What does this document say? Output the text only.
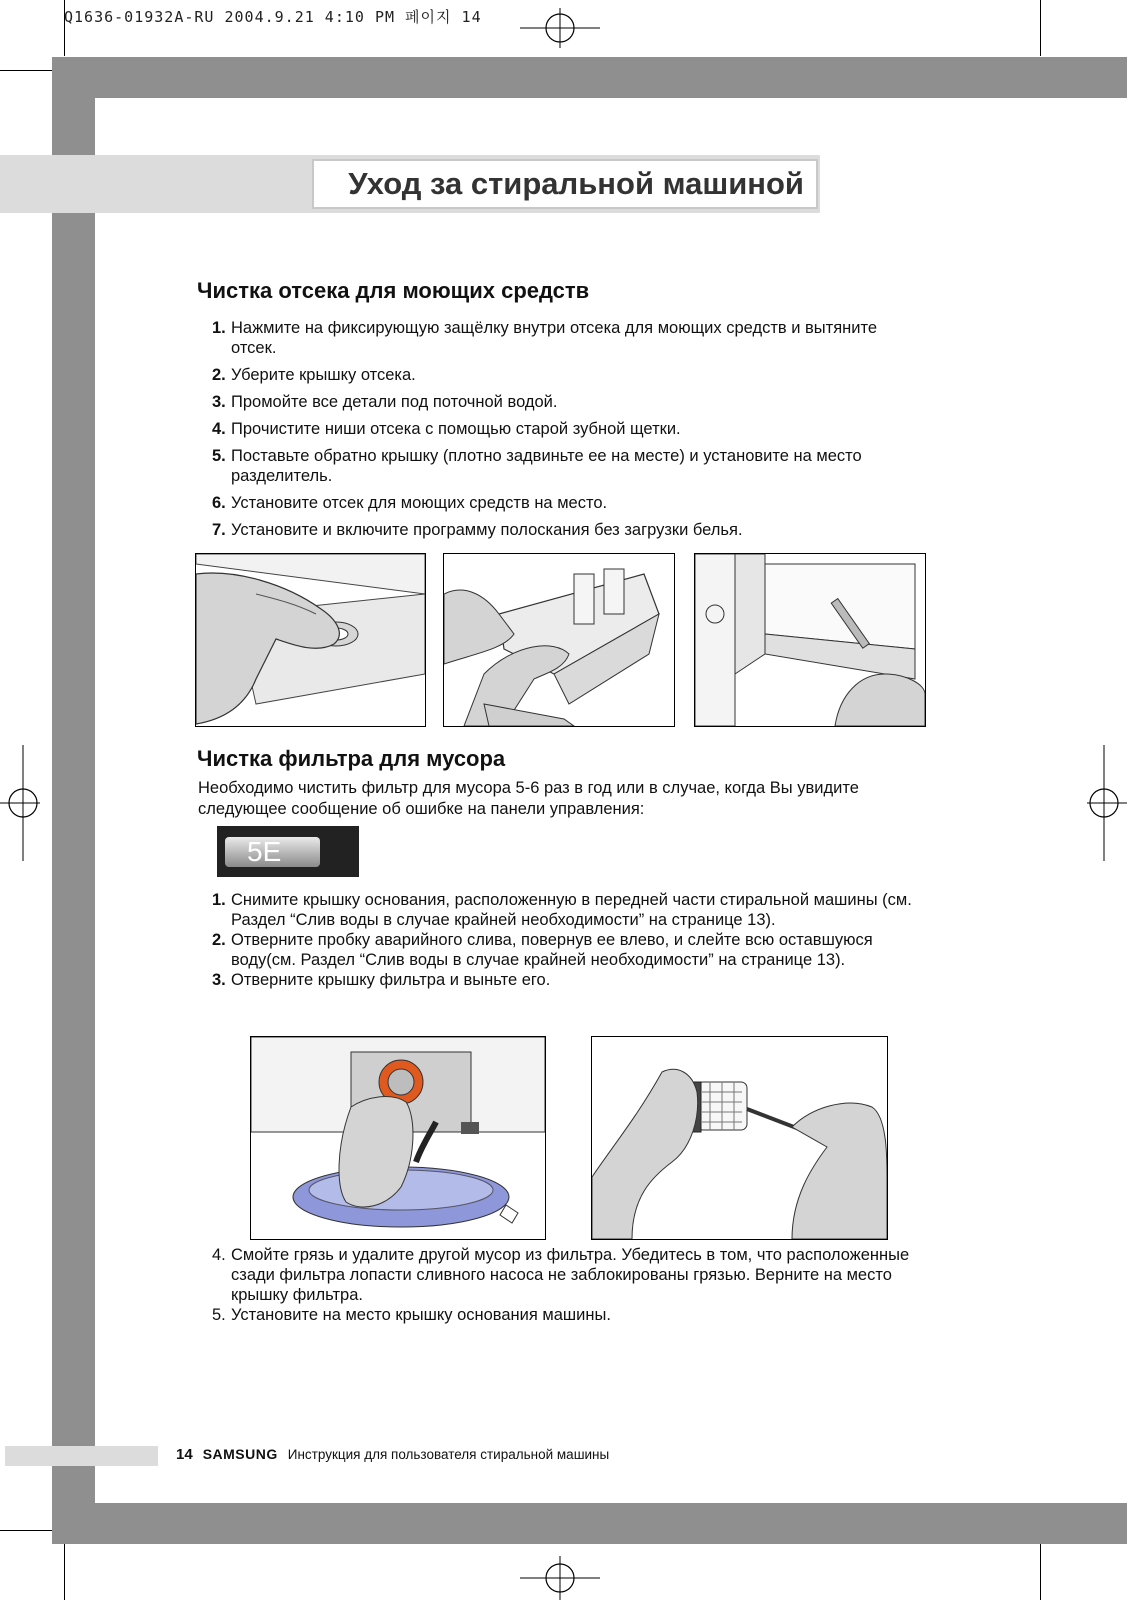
Q1636-01932A-RU 2004.9.21 4:10 PM 페이지 14
Уход за стиральной машиной
Чистка отсека для моющих средств
1. Нажмите на фиксирующую защёлку внутри отсека для моющих средств и вытяните отсек.
2. Уберите крышку отсека.
3. Промойте все детали под поточной водой.
4. Прочистите ниши отсека с помощью старой зубной щетки.
5. Поставьте обратно крышку (плотно задвиньте ее на месте) и установите на место разделитель.
6. Установите отсек для моющих средств на место.
7. Установите и включите программу полоскания без загрузки белья.
Чистка фильтра для мусора
Необходимо чистить фильтр для мусора 5-6 раз в год или в случае, когда Вы увидите следующее сообщение об ошибке на панели управления:
5E
1. Снимите крышку основания, расположенную в передней части стиральной машины (см. Раздел “Слив воды в случае крайней необходимости” на странице 13).
2. Отверните пробку аварийного слива, повернув ее влево, и слейте всю оставшуюся воду(см. Раздел “Слив воды в случае крайней необходимости” на странице 13).
3. Отверните крышку фильтра и выньте его.
4. Смойте грязь и удалите другой мусор из фильтра. Убедитесь в том, что расположенные сзади фильтра лопасти сливного насоса не заблокированы грязью. Верните на место крышку фильтра.
5. Установите на место крышку основания машины.
14 SAMSUNG Инструкция для пользователя стиральной машины
